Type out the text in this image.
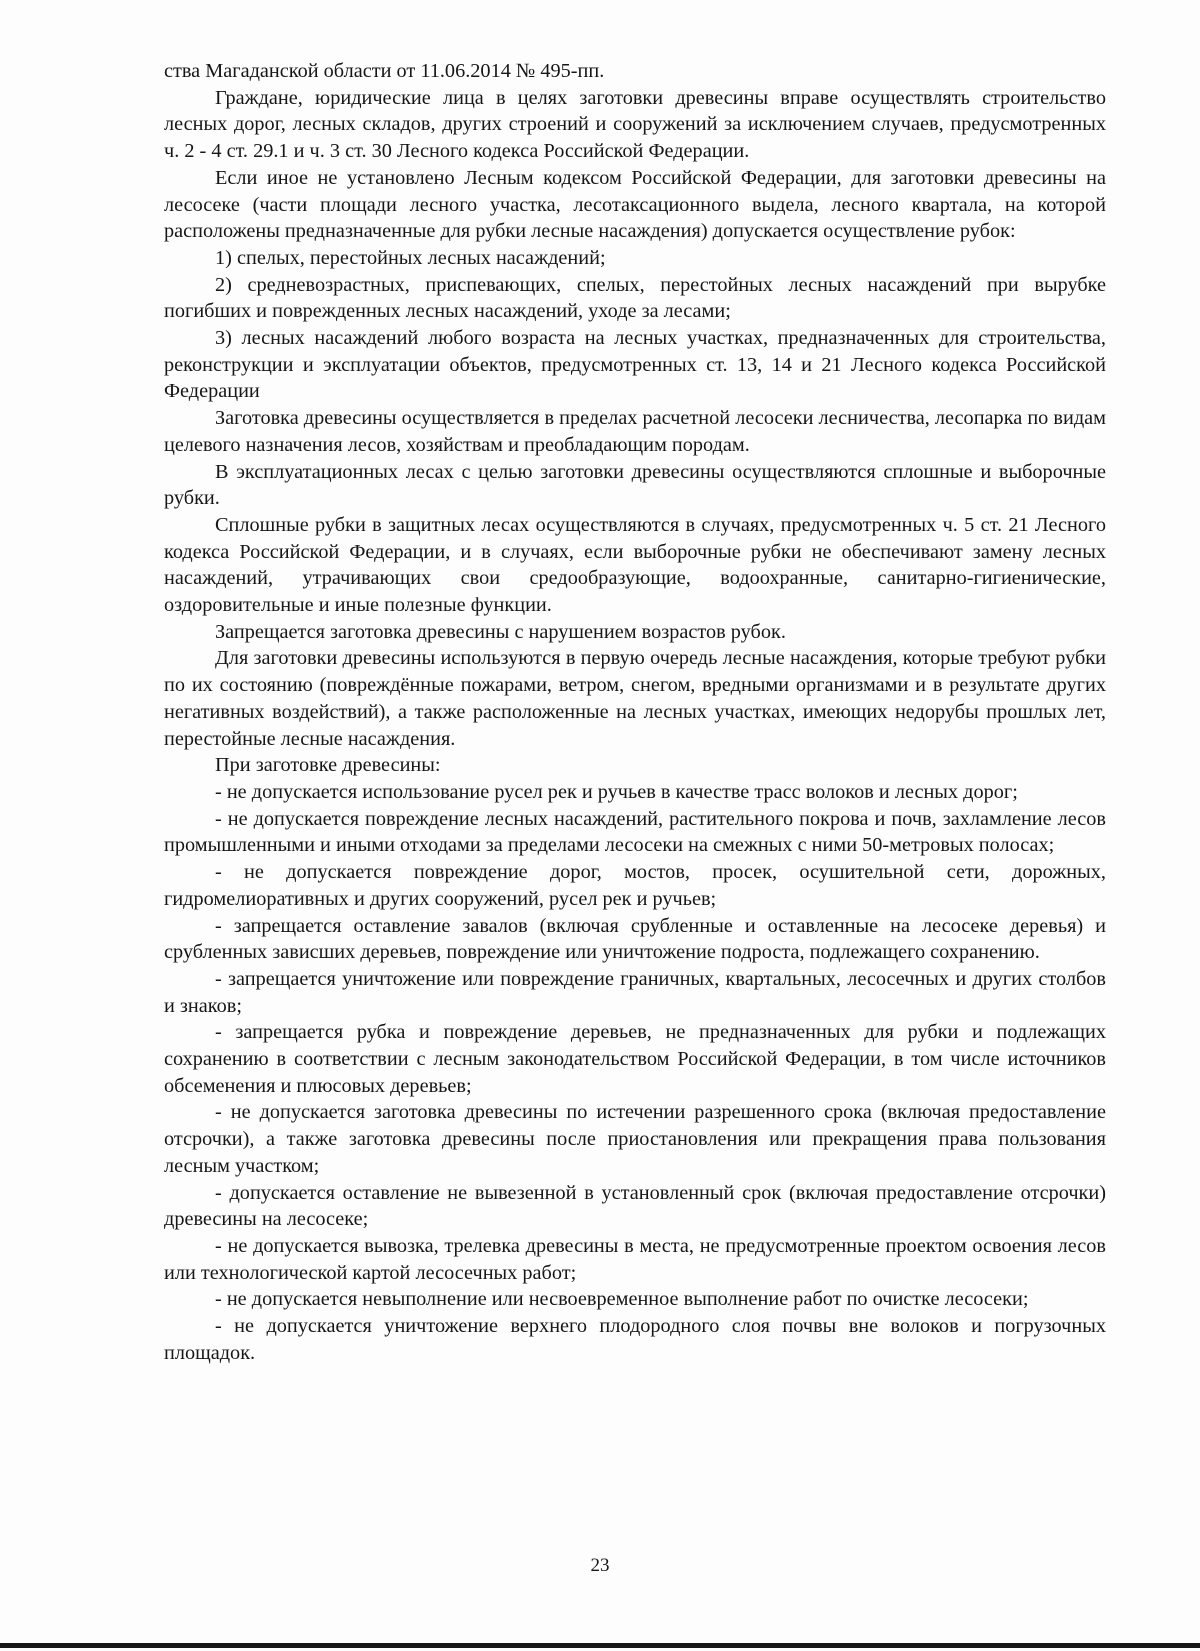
ства Магаданской области от 11.06.2014 № 495-пп.

Граждане, юридические лица в целях заготовки древесины вправе осуществлять строительство лесных дорог, лесных складов, других строений и сооружений за исключением случаев, предусмотренных ч. 2 - 4 ст. 29.1 и ч. 3 ст. 30 Лесного кодекса Российской Федерации.

Если иное не установлено Лесным кодексом Российской Федерации, для заготовки древесины на лесосеке (части площади лесного участка, лесотаксационного выдела, лесного квартала, на которой расположены предназначенные для рубки лесные насаждения) допускается осуществление рубок:

1) спелых, перестойных лесных насаждений;

2) средневозрастных, приспевающих, спелых, перестойных лесных насаждений при вырубке погибших и поврежденных лесных насаждений, уходе за лесами;

3) лесных насаждений любого возраста на лесных участках, предназначенных для строительства, реконструкции и эксплуатации объектов, предусмотренных ст. 13, 14 и 21 Лесного кодекса Российской Федерации

Заготовка древесины осуществляется в пределах расчетной лесосеки лесничества, лесопарка по видам целевого назначения лесов, хозяйствам и преобладающим породам.

В эксплуатационных лесах с целью заготовки древесины осуществляются сплошные и выборочные рубки.

Сплошные рубки в защитных лесах осуществляются в случаях, предусмотренных ч. 5 ст. 21 Лесного кодекса Российской Федерации, и в случаях, если выборочные рубки не обеспечивают замену лесных насаждений, утрачивающих свои средообразующие, водоохранные, санитарно-гигиенические, оздоровительные и иные полезные функции.

Запрещается заготовка древесины с нарушением возрастов рубок.

Для заготовки древесины используются в первую очередь лесные насаждения, которые требуют рубки по их состоянию (повреждённые пожарами, ветром, снегом, вредными организмами и в результате других негативных воздействий), а также расположенные на лесных участках, имеющих недорубы прошлых лет, перестойные лесные насаждения.

При заготовке древесины:

- не допускается использование русел рек и ручьев в качестве трасс волоков и лесных дорог;

- не допускается повреждение лесных насаждений, растительного покрова и почв, захламление лесов промышленными и иными отходами за пределами лесосеки на смежных с ними 50-метровых полосах;

- не допускается повреждение дорог, мостов, просек, осушительной сети, дорожных, гидромелиоративных и других сооружений, русел рек и ручьев;

- запрещается оставление завалов (включая срубленные и оставленные на лесосеке деревья) и срубленных зависших деревьев, повреждение или уничтожение подроста, подлежащего сохранению.

- запрещается уничтожение или повреждение граничных, квартальных, лесосечных и других столбов и знаков;

- запрещается рубка и повреждение деревьев, не предназначенных для рубки и подлежащих сохранению в соответствии с лесным законодательством Российской Федерации, в том числе источников обсеменения и плюсовых деревьев;

- не допускается заготовка древесины по истечении разрешенного срока (включая предоставление отсрочки), а также заготовка древесины после приостановления или прекращения права пользования лесным участком;

- допускается оставление не вывезенной в установленный срок (включая предоставление отсрочки) древесины на лесосеке;

- не допускается вывозка, трелевка древесины в места, не предусмотренные проектом освоения лесов или технологической картой лесосечных работ;

- не допускается невыполнение или несвоевременное выполнение работ по очистке лесосеки;

- не допускается уничтожение верхнего плодородного слоя почвы вне волоков и погрузочных площадок.

23
